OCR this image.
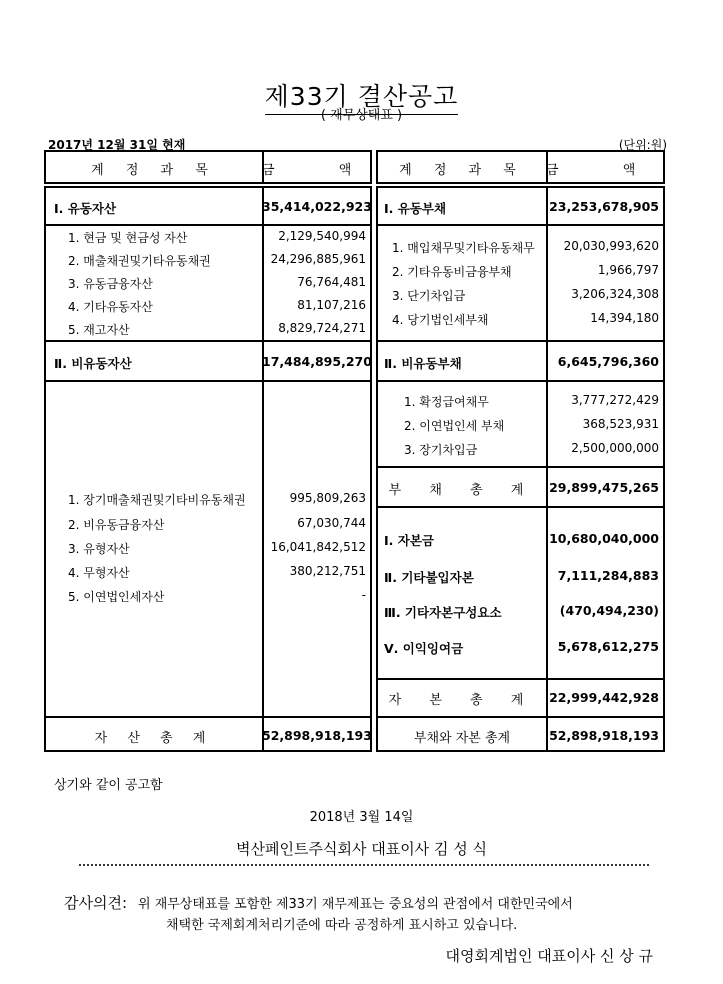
제33기 결산공고
( 재무상태표 )
2017년 12월 31일 현재	(단위:원)
계 정 과 목	금 액	계 정 과 목	금 액
Ⅰ. 유동자산	35,414,022,923
1. 현금 및 현금성 자산	2,129,540,994
2. 매출채권및기타유동채권	24,296,885,961
3. 유동금융자산	76,764,481
4. 기타유동자산	81,107,216
5. 재고자산	8,829,724,271
Ⅱ. 비유동자산	17,484,895,270
1. 장기매출채권및기타비유동채권	995,809,263
2. 비유동금융자산	67,030,744
3. 유형자산	16,041,842,512
4. 무형자산	380,212,751
5. 이연법인세자산	-
자 산 총 계	52,898,918,193
Ⅰ. 유동부채	23,253,678,905
1. 매입채무및기타유동채무	20,030,993,620
2. 기타유동비금융부채	1,966,797
3. 단기차입금	3,206,324,308
4. 당기법인세부채	14,394,180
Ⅱ. 비유동부채	6,645,796,360
1. 확정급여채무	3,777,272,429
2. 이연법인세 부채	368,523,931
3. 장기차입금	2,500,000,000
부 채 총 계	29,899,475,265
Ⅰ. 자본금	10,680,040,000
Ⅱ. 기타불입자본	7,111,284,883
Ⅲ. 기타자본구성요소	(470,494,230)
Ⅴ. 이익잉여금	5,678,612,275
자 본 총 계	22,999,442,928
부채와 자본 총계	52,898,918,193
상기와 같이 공고함
2018년 3월 14일
벽산페인트주식회사 대표이사 김 성 식
감사의견: 위 재무상태표를 포함한 제33기 재무제표는 중요성의 관점에서 대한민국에서
채택한 국제회계처리기준에 따라 공정하게 표시하고 있습니다.
대영회계법인 대표이사 신 상 규
